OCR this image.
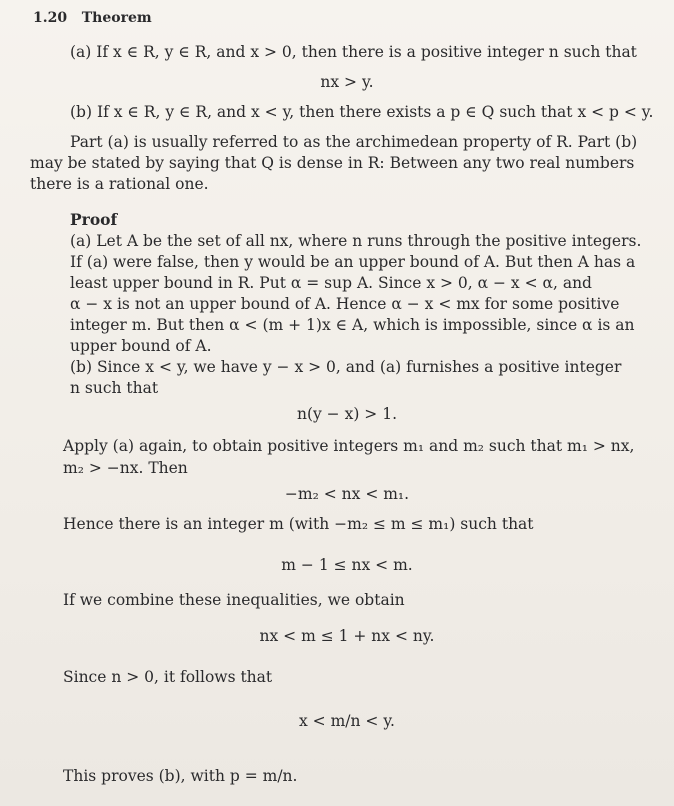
1.20 Theorem
(a) If x ∈ R, y ∈ R, and x > 0, then there is a positive integer n such that
nx > y.
(b) If x ∈ R, y ∈ R, and x < y, then there exists a p ∈ Q such that x < p < y.
Part (a) is usually referred to as the archimedean property of R. Part (b)
may be stated by saying that Q is dense in R: Between any two real numbers
there is a rational one.
Proof
(a) Let A be the set of all nx, where n runs through the positive integers.
If (a) were false, then y would be an upper bound of A. But then A has a
least upper bound in R. Put α = sup A. Since x > 0, α − x < α, and
α − x is not an upper bound of A. Hence α − x < mx for some positive
integer m. But then α < (m + 1)x ∈ A, which is impossible, since α is an
upper bound of A.
(b) Since x < y, we have y − x > 0, and (a) furnishes a positive integer
n such that
n(y − x) > 1.
Apply (a) again, to obtain positive integers m₁ and m₂ such that m₁ > nx,
m₂ > −nx. Then
−m₂ < nx < m₁.
Hence there is an integer m (with −m₂ ≤ m ≤ m₁) such that
m − 1 ≤ nx < m.
If we combine these inequalities, we obtain
nx < m ≤ 1 + nx < ny.
Since n > 0, it follows that
x < m/n < y.
This proves (b), with p = m/n.
